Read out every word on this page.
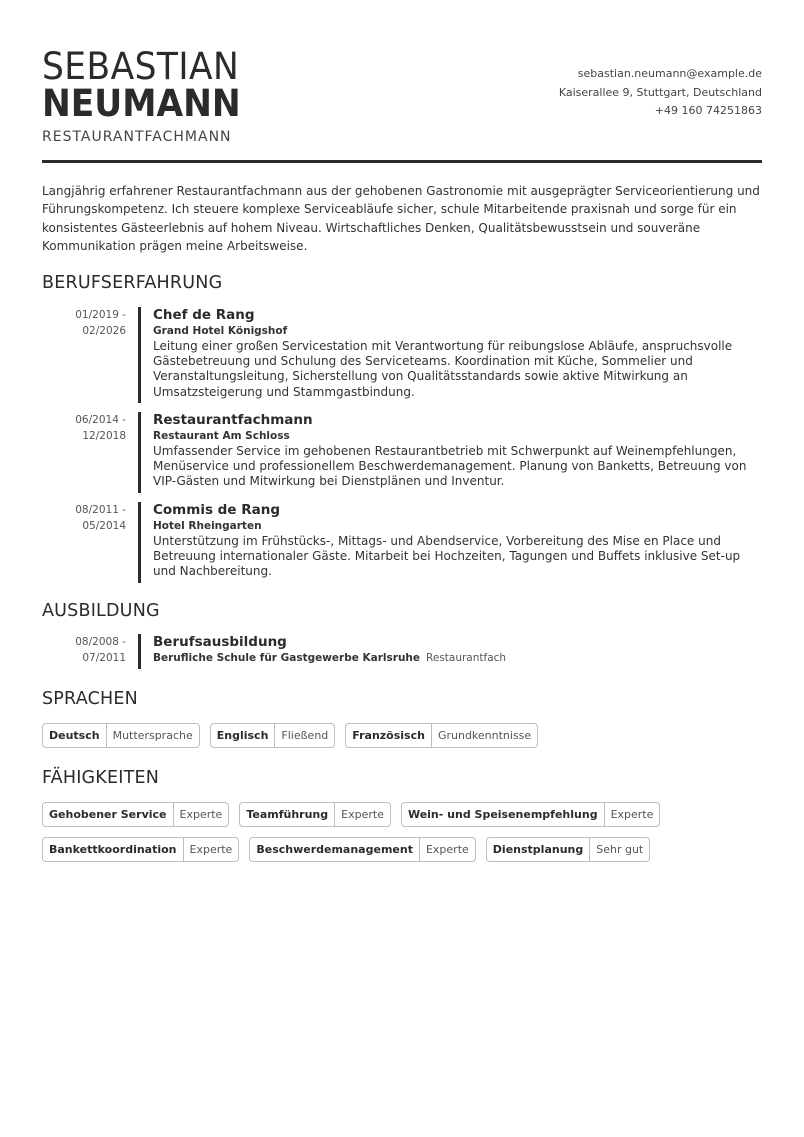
SEBASTIAN
NEUMANN
RESTAURANTFACHMANN
sebastian.neumann@example.de
Kaiserallee 9, Stuttgart, Deutschland
+49 160 74251863
Langjährig erfahrener Restaurantfachmann aus der gehobenen Gastronomie mit ausgeprägter Serviceorientierung und Führungskompetenz. Ich steuere komplexe Serviceabläufe sicher, schule Mitarbeitende praxisnah und sorge für ein konsistentes Gästeerlebnis auf hohem Niveau. Wirtschaftliches Denken, Qualitätsbewusstsein und souveräne Kommunikation prägen meine Arbeitsweise.
BERUFSERFAHRUNG
01/2019 -
02/2026
Chef de Rang
Grand Hotel Königshof
Leitung einer großen Servicestation mit Verantwortung für reibungslose Abläufe, anspruchsvolle Gästebetreuung und Schulung des Serviceteams. Koordination mit Küche, Sommelier und Veranstaltungsleitung, Sicherstellung von Qualitätsstandards sowie aktive Mitwirkung an Umsatzsteigerung und Stammgastbindung.
06/2014 -
12/2018
Restaurantfachmann
Restaurant Am Schloss
Umfassender Service im gehobenen Restaurantbetrieb mit Schwerpunkt auf Weinempfehlungen, Menüservice und professionellem Beschwerdemanagement. Planung von Banketts, Betreuung von VIP-Gästen und Mitwirkung bei Dienstplänen und Inventur.
08/2011 -
05/2014
Commis de Rang
Hotel Rheingarten
Unterstützung im Frühstücks-, Mittags- und Abendservice, Vorbereitung des Mise en Place und Betreuung internationaler Gäste. Mitarbeit bei Hochzeiten, Tagungen und Buffets inklusive Set-up und Nachbereitung.
AUSBILDUNG
08/2008 -
07/2011
Berufsausbildung
Berufliche Schule für Gastgewerbe Karlsruhe Restaurantfach
SPRACHEN
Deutsch	Muttersprache	Englisch	Fließend	Französisch	Grundkenntnisse
FÄHIGKEITEN
Gehobener Service	Experte	Teamführung	Experte	Wein- und Speisenempfehlung	Experte
Bankettkoordination	Experte	Beschwerdemanagement	Experte	Dienstplanung	Sehr gut
